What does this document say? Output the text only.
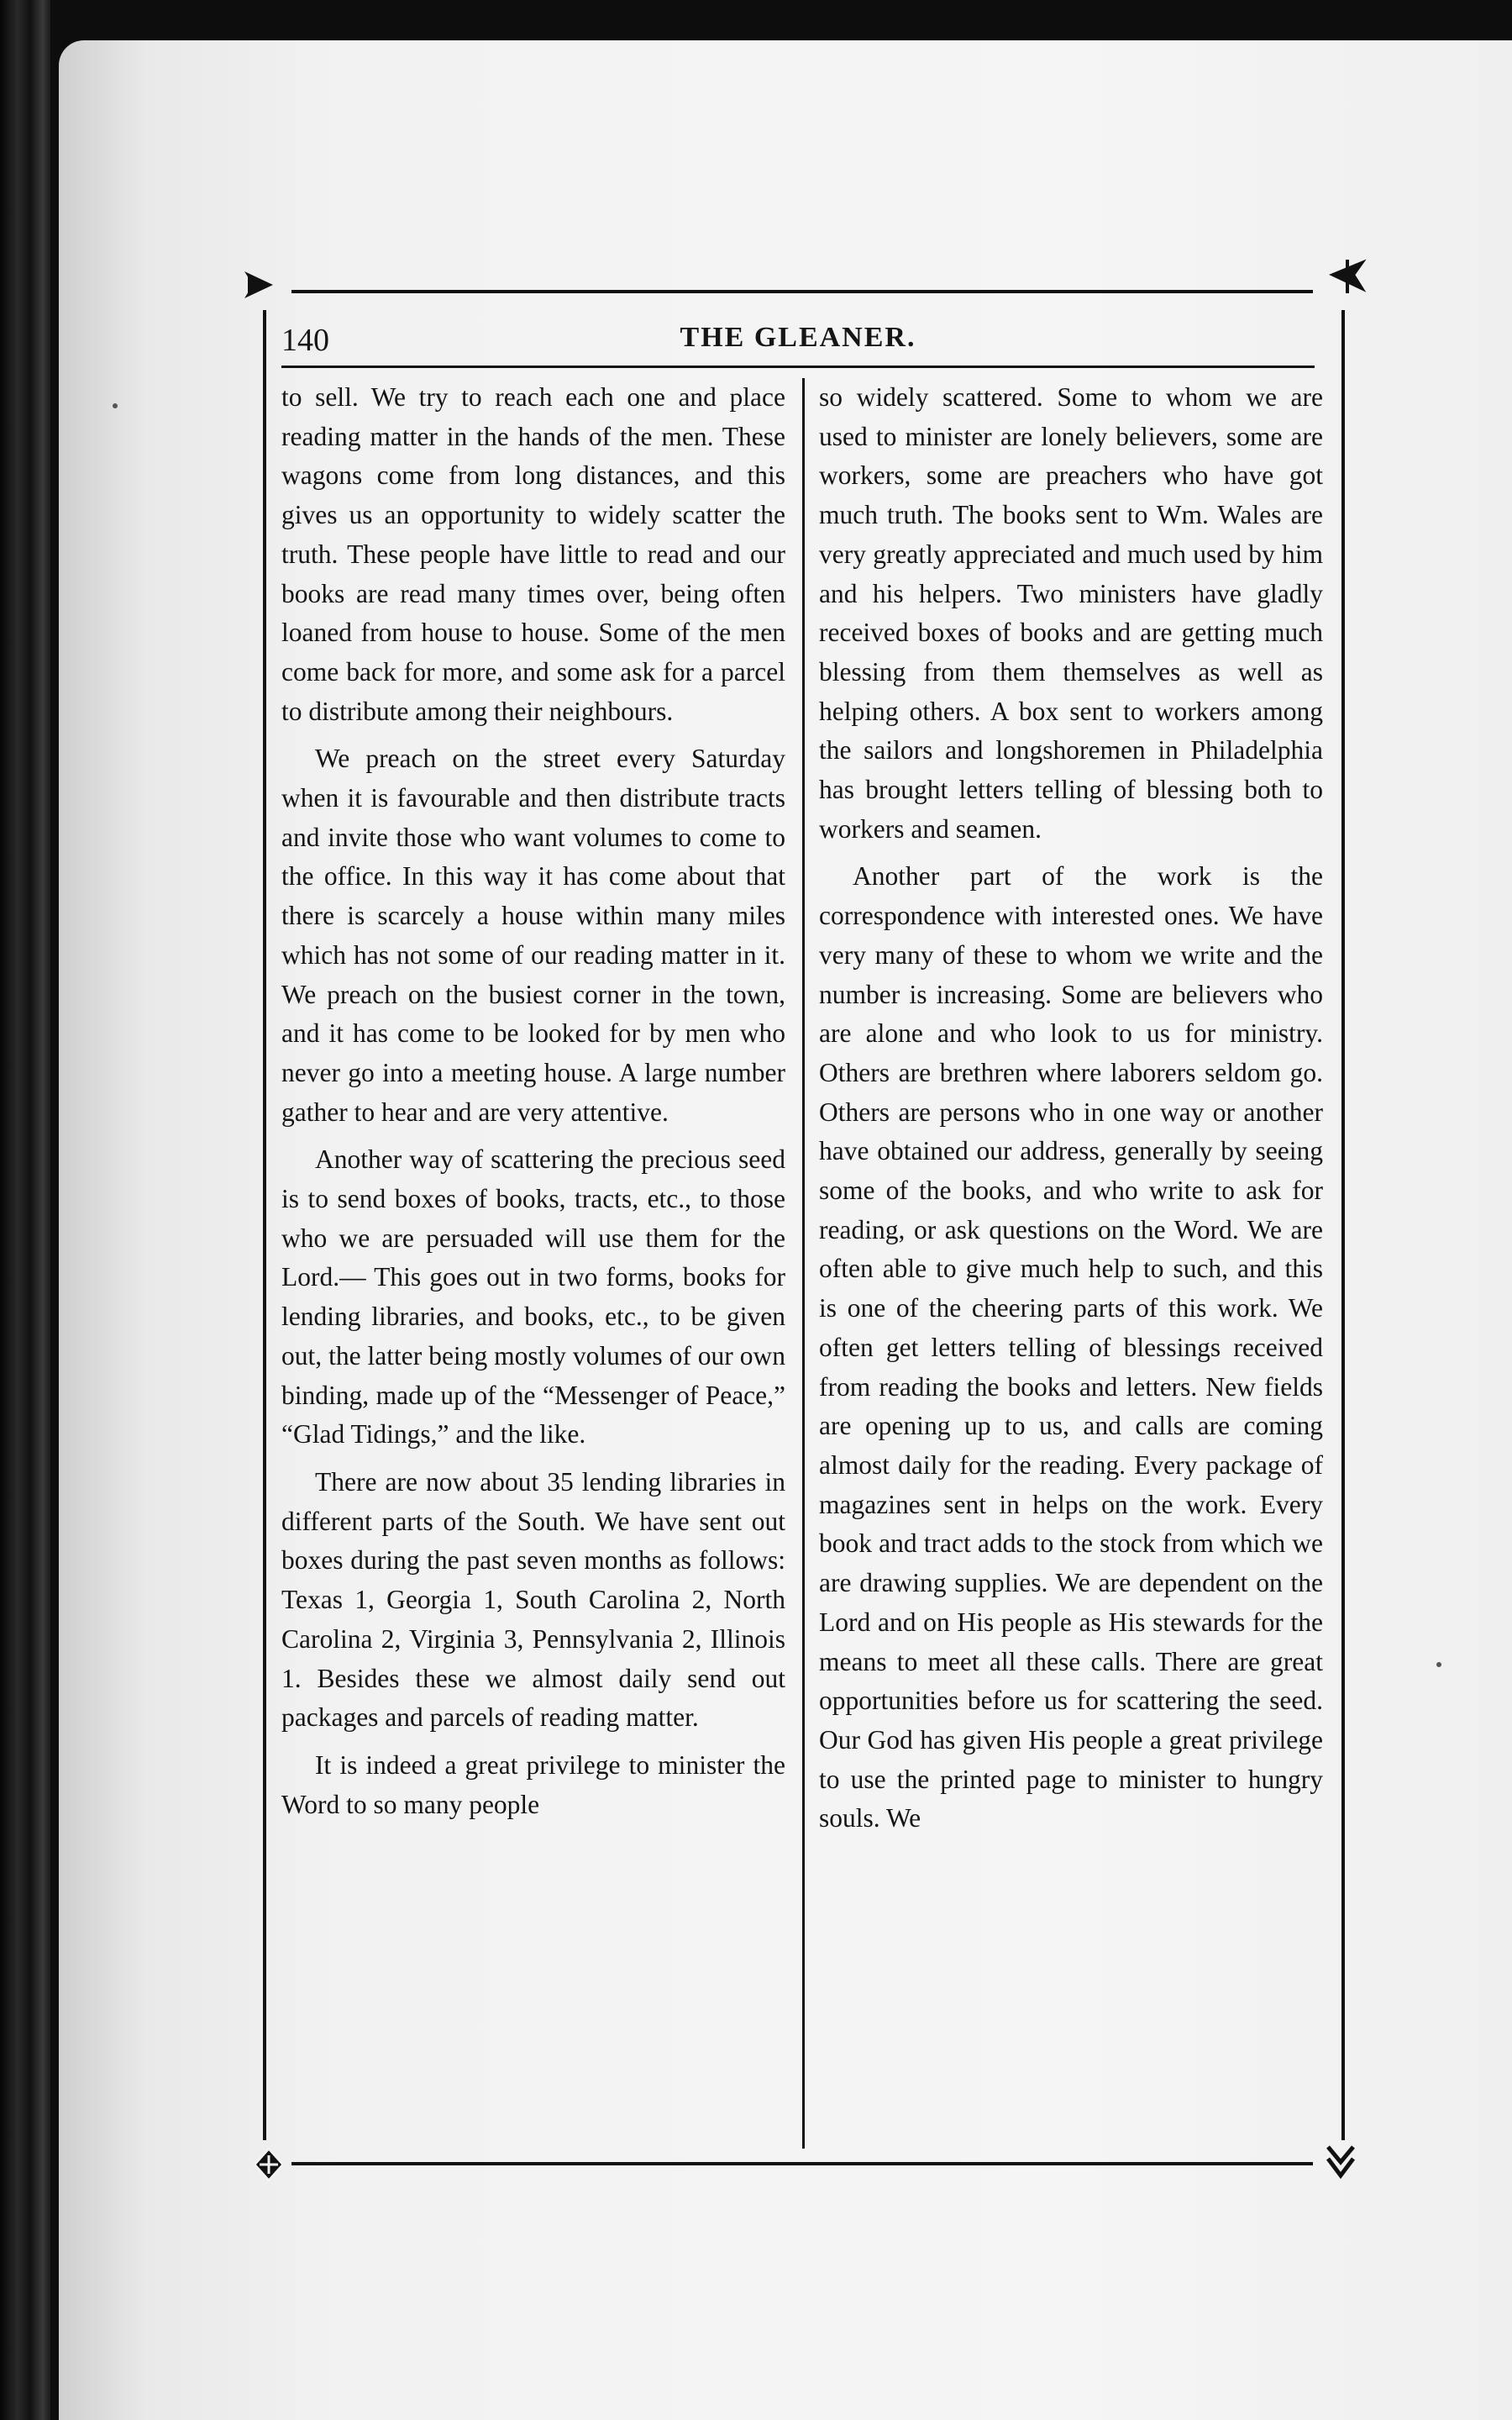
140	THE GLEANER.

to sell. We try to reach each one and place reading matter in the hands of the men. These wagons come from long distances, and this gives us an opportunity to widely scatter the truth. These people have little to read and our books are read many times over, being often loaned from house to house. Some of the men come back for more, and some ask for a parcel to distribute among their neighbours.

We preach on the street every Saturday when it is favourable and then distribute tracts and invite those who want volumes to come to the office. In this way it has come about that there is scarcely a house within many miles which has not some of our reading matter in it. We preach on the busiest corner in the town, and it has come to be looked for by men who never go into a meeting house. A large number gather to hear and are very attentive.

Another way of scattering the precious seed is to send boxes of books, tracts, etc., to those who we are persuaded will use them for the Lord.— This goes out in two forms, books for lending libraries, and books, etc., to be given out, the latter being mostly volumes of our own binding, made up of the “Messenger of Peace,” “Glad Tidings,” and the like.

There are now about 35 lending libraries in different parts of the South. We have sent out boxes during the past seven months as follows: Texas 1, Georgia 1, South Carolina 2, North Carolina 2, Virginia 3, Pennsylvania 2, Illinois 1. Besides these we almost daily send out packages and parcels of reading matter.

It is indeed a great privilege to minister the Word to so many people

so widely scattered. Some to whom we are used to minister are lonely believers, some are workers, some are preachers who have got much truth. The books sent to Wm. Wales are very greatly appreciated and much used by him and his helpers. Two ministers have gladly received boxes of books and are getting much blessing from them themselves as well as helping others. A box sent to workers among the sailors and longshoremen in Philadelphia has brought letters telling of blessing both to workers and seamen.

Another part of the work is the correspondence with interested ones. We have very many of these to whom we write and the number is increasing. Some are believers who are alone and who look to us for ministry. Others are brethren where laborers seldom go. Others are persons who in one way or another have obtained our address, generally by seeing some of the books, and who write to ask for reading, or ask questions on the Word. We are often able to give much help to such, and this is one of the cheering parts of this work. We often get letters telling of blessings received from reading the books and letters. New fields are opening up to us, and calls are coming almost daily for the reading. Every package of magazines sent in helps on the work. Every book and tract adds to the stock from which we are drawing supplies. We are dependent on the Lord and on His people as His stewards for the means to meet all these calls. There are great opportunities before us for scattering the seed. Our God has given His people a great privilege to use the printed page to minister to hungry souls. We
